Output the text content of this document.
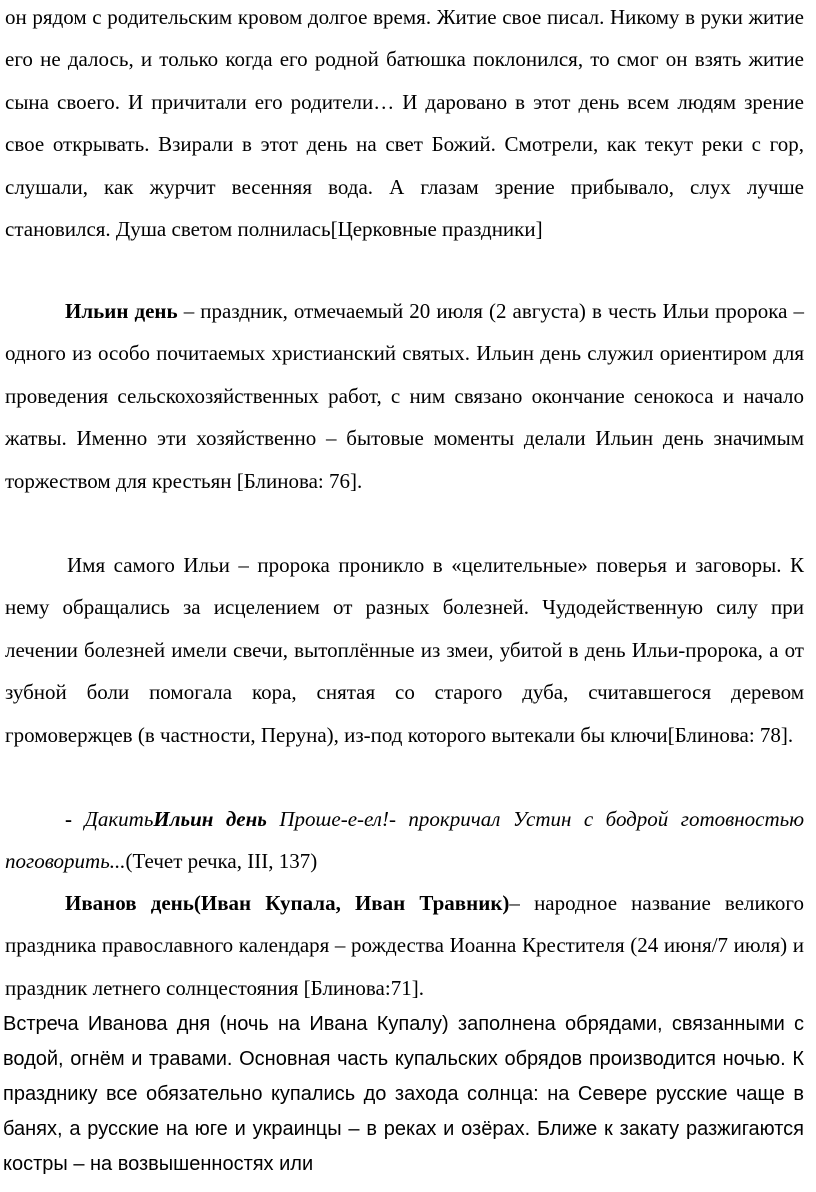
он рядом с родительским кровом долгое время. Житие свое писал. Никому в руки житие его не далось, и только когда его родной батюшка поклонился, то смог он взять житие сына своего. И причитали его родители… И даровано в этот день всем людям зрение свое открывать. Взирали в этот день на свет Божий. Смотрели, как текут реки с гор, слушали, как журчит весенняя вода. А глазам зрение прибывало, слух лучше становился. Душа светом полнилась[Церковные праздники]

Ильин день – праздник, отмечаемый 20 июля (2 августа) в честь Ильи пророка – одного из особо почитаемых христианский святых. Ильин день служил ориентиром для проведения сельскохозяйственных работ, с ним связано окончание сенокоса и начало жатвы. Именно эти хозяйственно – бытовые моменты делали Ильин день значимым торжеством для крестьян [Блинова: 76].

Имя самого Ильи – пророка проникло в «целительные» поверья и заговоры. К нему обращались за исцелением от разных болезней. Чудодейственную силу при лечении болезней имели свечи, вытоплённые из змеи, убитой в день Ильи-пророка, а от зубной боли помогала кора, снятая со старого дуба, считавшегося деревом громовержцев (в частности, Перуна), из-под которого вытекали бы ключи[Блинова: 78].

- ДакитьИльин день Проше-е-ел!- прокричал Устин с бодрой готовностью поговорить...(Течет речка, III, 137)

Иванов день(Иван Купала, Иван Травник)– народное название великого праздника православного календаря – рождества Иоанна Крестителя (24 июня/7 июля) и праздник летнего солнцестояния [Блинова:71].

Встреча Иванова дня (ночь на Ивана Купалу) заполнена обрядами, связанными с водой, огнём и травами. Основная часть купальских обрядов производится ночью. К празднику все обязательно купались до захода солнца: на Севере русские чаще в банях, а русские на юге и украинцы – в реках и озёрах. Ближе к закату разжигаются костры – на возвышенностях или
